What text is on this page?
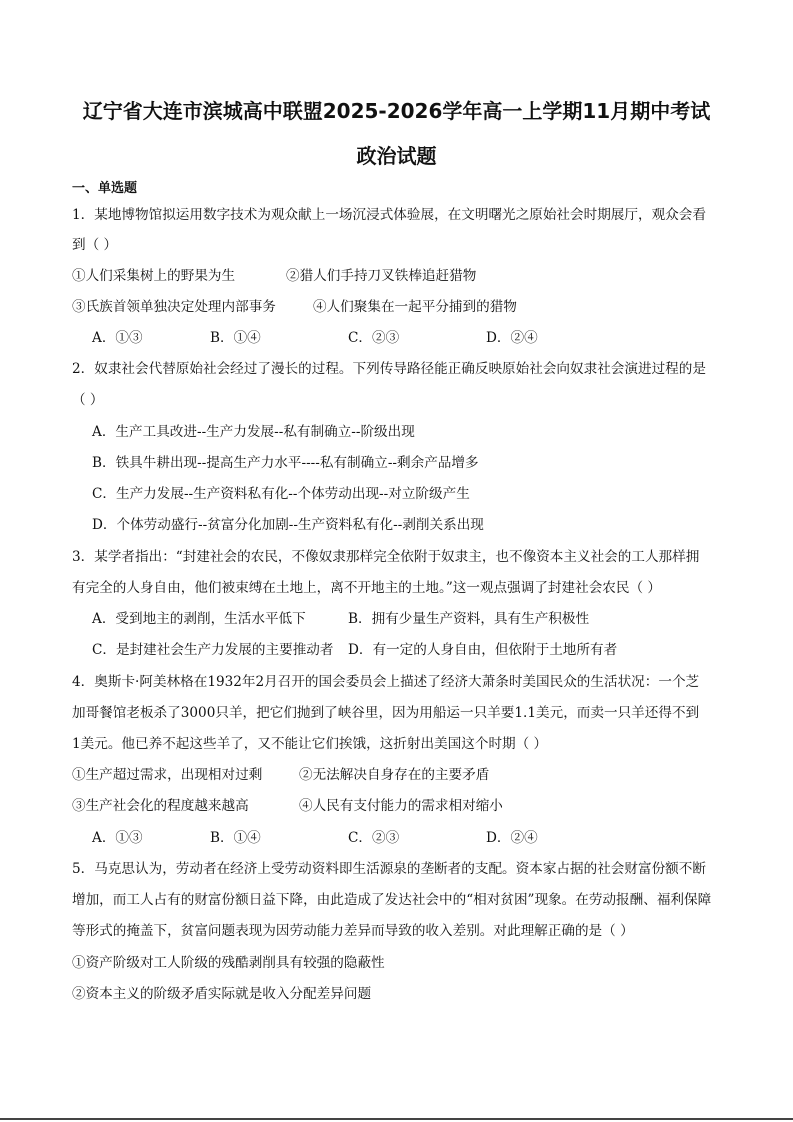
辽宁省大连市滨城高中联盟2025-2026学年高一上学期11月期中考试
政治试题
一、单选题
1．某地博物馆拟运用数字技术为观众献上一场沉浸式体验展，在文明曙光之原始社会时期展厅，观众会看
到（ ）
①人们采集树上的野果为生	②猎人们手持刀叉铁棒追赶猎物
③氏族首领单独决定处理内部事务	④人们聚集在一起平分捕到的猎物
A．①③	B．①④	C．②③	D．②④
2．奴隶社会代替原始社会经过了漫长的过程。下列传导路径能正确反映原始社会向奴隶社会演进过程的是
（ ）
A．生产工具改进--生产力发展--私有制确立--阶级出现
B．铁具牛耕出现--提高生产力水平----私有制确立--剩余产品增多
C．生产力发展--生产资料私有化--个体劳动出现--对立阶级产生
D．个体劳动盛行--贫富分化加剧--生产资料私有化--剥削关系出现
3．某学者指出：“封建社会的农民，不像奴隶那样完全依附于奴隶主，也不像资本主义社会的工人那样拥
有完全的人身自由，他们被束缚在土地上，离不开地主的土地。”这一观点强调了封建社会农民（ ）
A．受到地主的剥削，生活水平低下	B．拥有少量生产资料，具有生产积极性
C．是封建社会生产力发展的主要推动者 D．有一定的人身自由，但依附于土地所有者
4．奥斯卡·阿美林格在1932年2月召开的国会委员会上描述了经济大萧条时美国民众的生活状况：一个芝
加哥餐馆老板杀了3000只羊，把它们抛到了峡谷里，因为用船运一只羊要1.1美元，而卖一只羊还得不到
1美元。他已养不起这些羊了，又不能让它们挨饿，这折射出美国这个时期（ ）
①生产超过需求，出现相对过剩	②无法解决自身存在的主要矛盾
③生产社会化的程度越来越高	④人民有支付能力的需求相对缩小
A．①③	B．①④	C．②③	D．②④
5．马克思认为，劳动者在经济上受劳动资料即生活源泉的垄断者的支配。资本家占据的社会财富份额不断
增加，而工人占有的财富份额日益下降，由此造成了发达社会中的“相对贫困”现象。在劳动报酬、福利保障
等形式的掩盖下，贫富问题表现为因劳动能力差异而导致的收入差别。对此理解正确的是（ ）
①资产阶级对工人阶级的残酷剥削具有较强的隐蔽性
②资本主义的阶级矛盾实际就是收入分配差异问题
